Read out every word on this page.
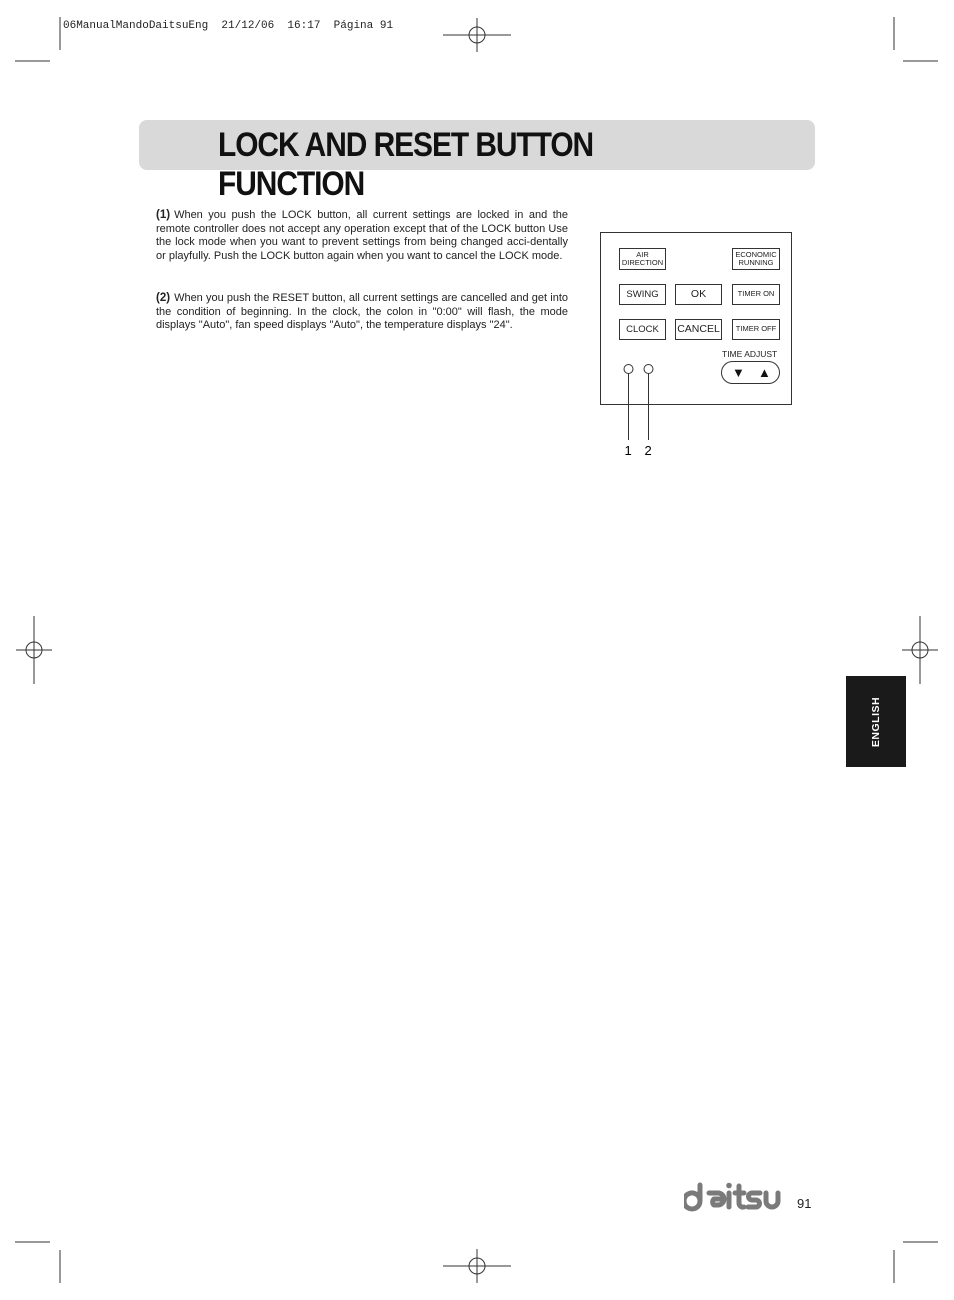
06ManualMandoDaitsuEng  21/12/06  16:17  Página 91
LOCK AND RESET BUTTON FUNCTION
(1) When you push the LOCK button, all current settings are locked in and the remote controller does not accept any operation except that of the LOCK button Use the lock mode when you want to prevent settings from being changed acci-dentally or playfully. Push the LOCK button again when you want to cancel the LOCK mode.
(2) When you push the RESET button, all current settings are cancelled and get into the condition of beginning. In the clock, the colon in "0:00" will flash, the mode displays "Auto", fan speed displays "Auto", the temperature displays "24".
AIR
DIRECTION
ECONOMIC
RUNNING
SWING	OK	TIMER ON
CLOCK	CANCEL	TIMER OFF
TIME ADJUST
▼ ▲
1 2
ENGLISH
91
